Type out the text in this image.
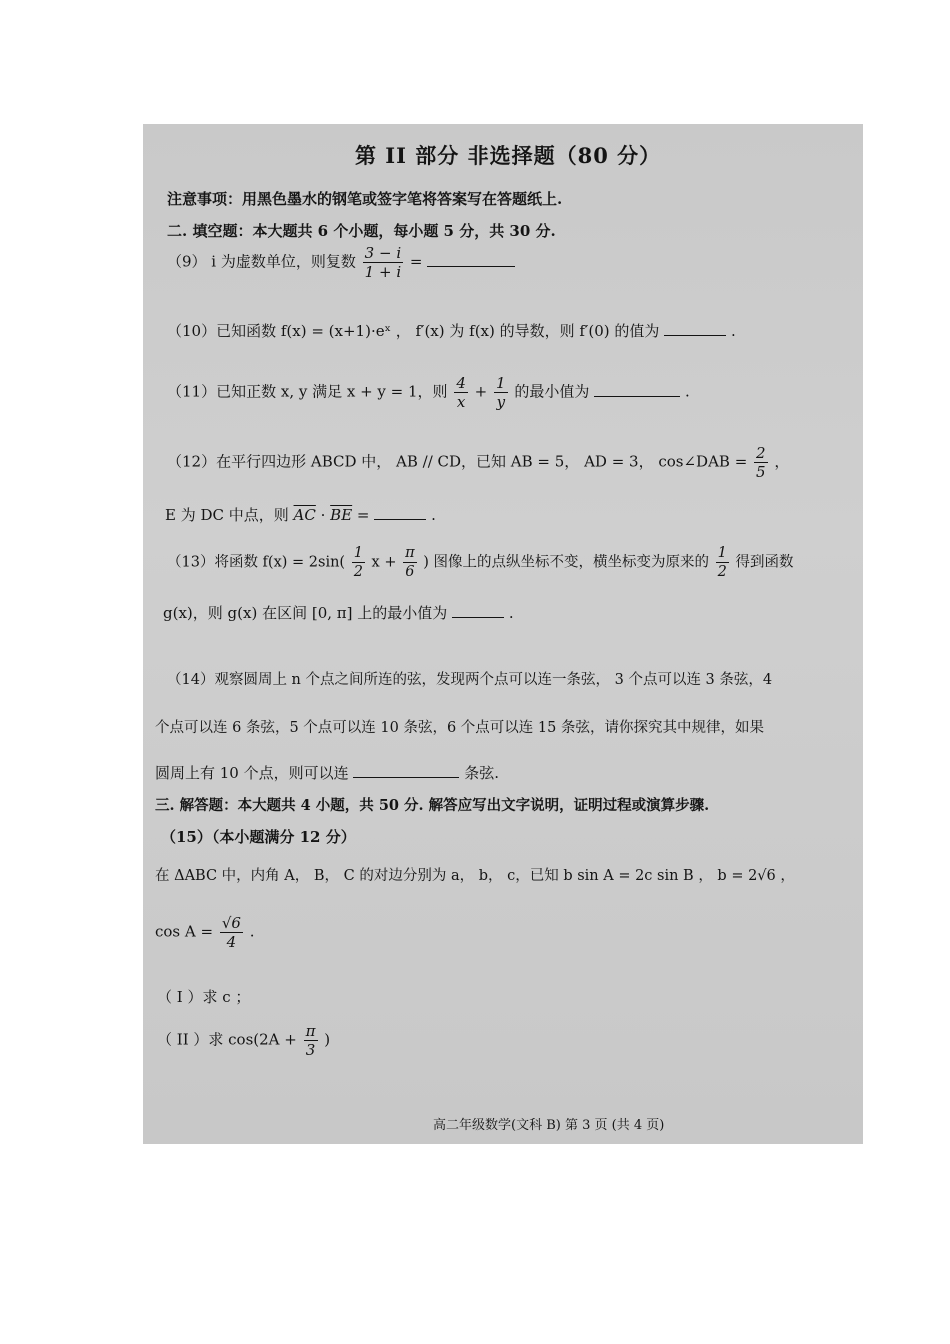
第 II 部分 非选择题（80 分）
注意事项：用黑色墨水的钢笔或签字笔将答案写在答题纸上.
二. 填空题：本大题共 6 个小题，每小题 5 分，共 30 分.
（9） i 为虚数单位，则复数 $\frac{3 - i}{1 + i}$ =
（10）已知函数 f(x) = (x+1)·eˣ ， f′(x) 为 f(x) 的导数，则 f′(0) 的值为	.
（11）已知正数 x, y 满足 x + y = 1，则 $\frac{4}{x} + \frac{1}{y}$ 的最小值为	.
（12）在平行四边形 ABCD 中， AB // CD，已知 AB = 5， AD = 3， cos∠DAB = $\frac{2}{5}$ ，
E 为 DC 中点，则 $\overline{AC} \cdot \overline{BE}$ =	.
（13）将函数 $f(x) = 2\sin( \frac{1}{2}$ $x + \frac{\pi}{6}$ ) 图像上的点纵坐标不变，横坐标变为原来的 $\frac{1}{2}$ 得到函数
g(x)，则 g(x) 在区间 [0, π] 上的最小值为	.
（14）观察圆周上 n 个点之间所连的弦，发现两个点可以连一条弦， 3 个点可以连 3 条弦，4
个点可以连 6 条弦，5 个点可以连 10 条弦，6 个点可以连 15 条弦，请你探究其中规律，如果
圆周上有 10 个点，则可以连	条弦.
三. 解答题：本大题共 4 小题，共 50 分. 解答应写出文字说明，证明过程或演算步骤.
（15）（本小题满分 12 分）
在 ΔABC 中，内角 A， B， C 的对边分别为 a， b， c，已知 b sin A = 2c sin B ， b = 2√6 ，
$\cos A = \frac{√6}{4}$ .
（ I ）求 c ；
（ II ）求 $\cos(2A + \frac{\pi}{3}$ )
高二年级数学(文科 B) 第 3 页 (共 4 页)
